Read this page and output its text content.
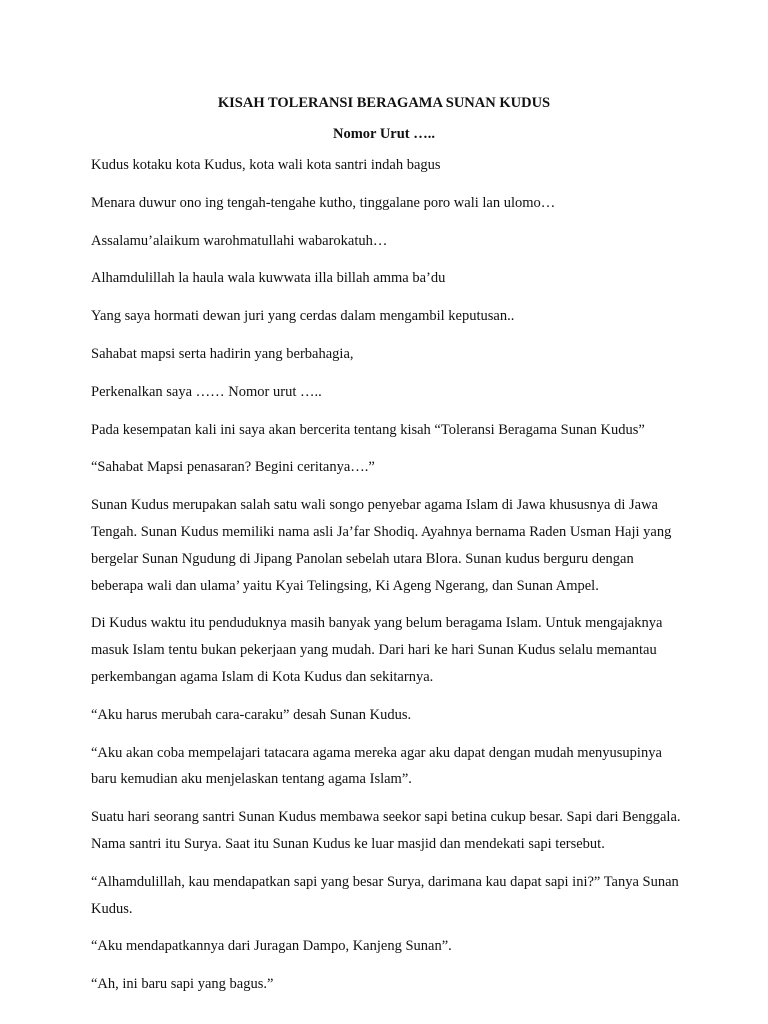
KISAH TOLERANSI BERAGAMA SUNAN KUDUS
Nomor Urut …..

Kudus kotaku kota Kudus, kota wali kota santri indah bagus

Menara duwur ono ing tengah-tengahe kutho, tinggalane poro wali lan ulomo…

Assalamu’alaikum warohmatullahi wabarokatuh…

Alhamdulillah la haula wala kuwwata illa billah amma ba’du

Yang saya hormati dewan juri yang cerdas dalam mengambil keputusan..

Sahabat mapsi serta hadirin yang berbahagia,

Perkenalkan saya …… Nomor urut …..

Pada kesempatan kali ini saya akan bercerita tentang kisah “Toleransi Beragama Sunan Kudus”

“Sahabat Mapsi penasaran? Begini ceritanya….”

Sunan Kudus merupakan salah satu wali songo penyebar agama Islam di Jawa khususnya di Jawa Tengah. Sunan Kudus memiliki nama asli Ja’far Shodiq. Ayahnya bernama Raden Usman Haji yang bergelar Sunan Ngudung di Jipang Panolan sebelah utara Blora. Sunan kudus berguru dengan beberapa wali dan ulama’ yaitu Kyai Telingsing, Ki Ageng Ngerang, dan Sunan Ampel.

Di Kudus waktu itu penduduknya masih banyak yang belum beragama Islam. Untuk mengajaknya masuk Islam tentu bukan pekerjaan yang mudah. Dari hari ke hari Sunan Kudus selalu memantau perkembangan agama Islam di Kota Kudus dan sekitarnya.

“Aku harus merubah cara-caraku” desah Sunan Kudus.

“Aku akan coba mempelajari tatacara agama mereka agar aku dapat dengan mudah menyusupinya baru kemudian aku menjelaskan tentang agama Islam”.

Suatu hari seorang santri Sunan Kudus membawa seekor sapi betina cukup besar. Sapi dari Benggala. Nama santri itu Surya. Saat itu Sunan Kudus ke luar masjid dan mendekati sapi tersebut.

“Alhamdulillah, kau mendapatkan sapi yang besar Surya, darimana kau dapat sapi ini?” Tanya Sunan Kudus.

“Aku mendapatkannya dari Juragan Dampo, Kanjeng Sunan”.

“Ah, ini baru sapi yang bagus.”
